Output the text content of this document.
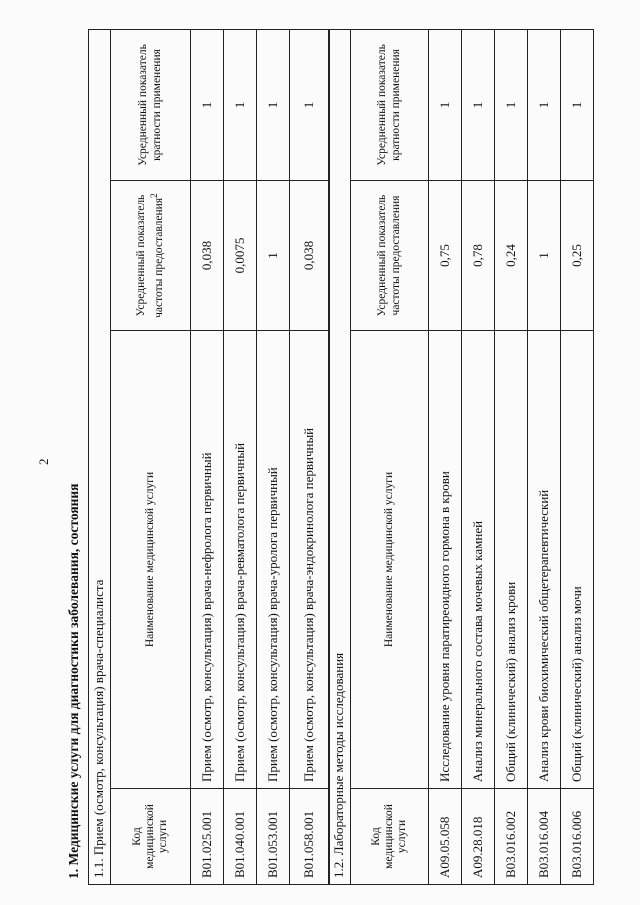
2
1. Медицинские услуги для диагностики заболевания, состояния 1.1. Прием (осмотр, консультация) врача-специалиста			
Код медицинской услуги	Наименование медицинской услуги	Усредненный показатель частоты предоставления$^2$	Усредненный показатель кратности применения
B01.025.001	Прием (осмотр, консультация) врача-нефролога первичный	0,038	1
B01.040.001	Прием (осмотр, консультация) врача-ревматолога первичный	0,0075	1
B01.053.001	Прием (осмотр, консультация) врача-уролога первичный	1	1
B01.058.001	Прием (осмотр, консультация) врача-эндокринолога первичный	0,038	1
1.2. Лабораторные методы исследования			
Код медицинской услуги	Наименование медицинской услуги	Усредненный показатель частоты предоставления	Усредненный показатель кратности применения
A09.05.058	Исследование уровня паратиреоидного гормона в крови	0,75	1
A09.28.018	Анализ минерального состава мочевых камней	0,78	1
B03.016.002	Общий (клинический) анализ крови	0,24	1
B03.016.004	Анализ крови биохимический общетерапевтический	1	1
B03.016.006	Общий (клинический) анализ мочи	0,25	1
